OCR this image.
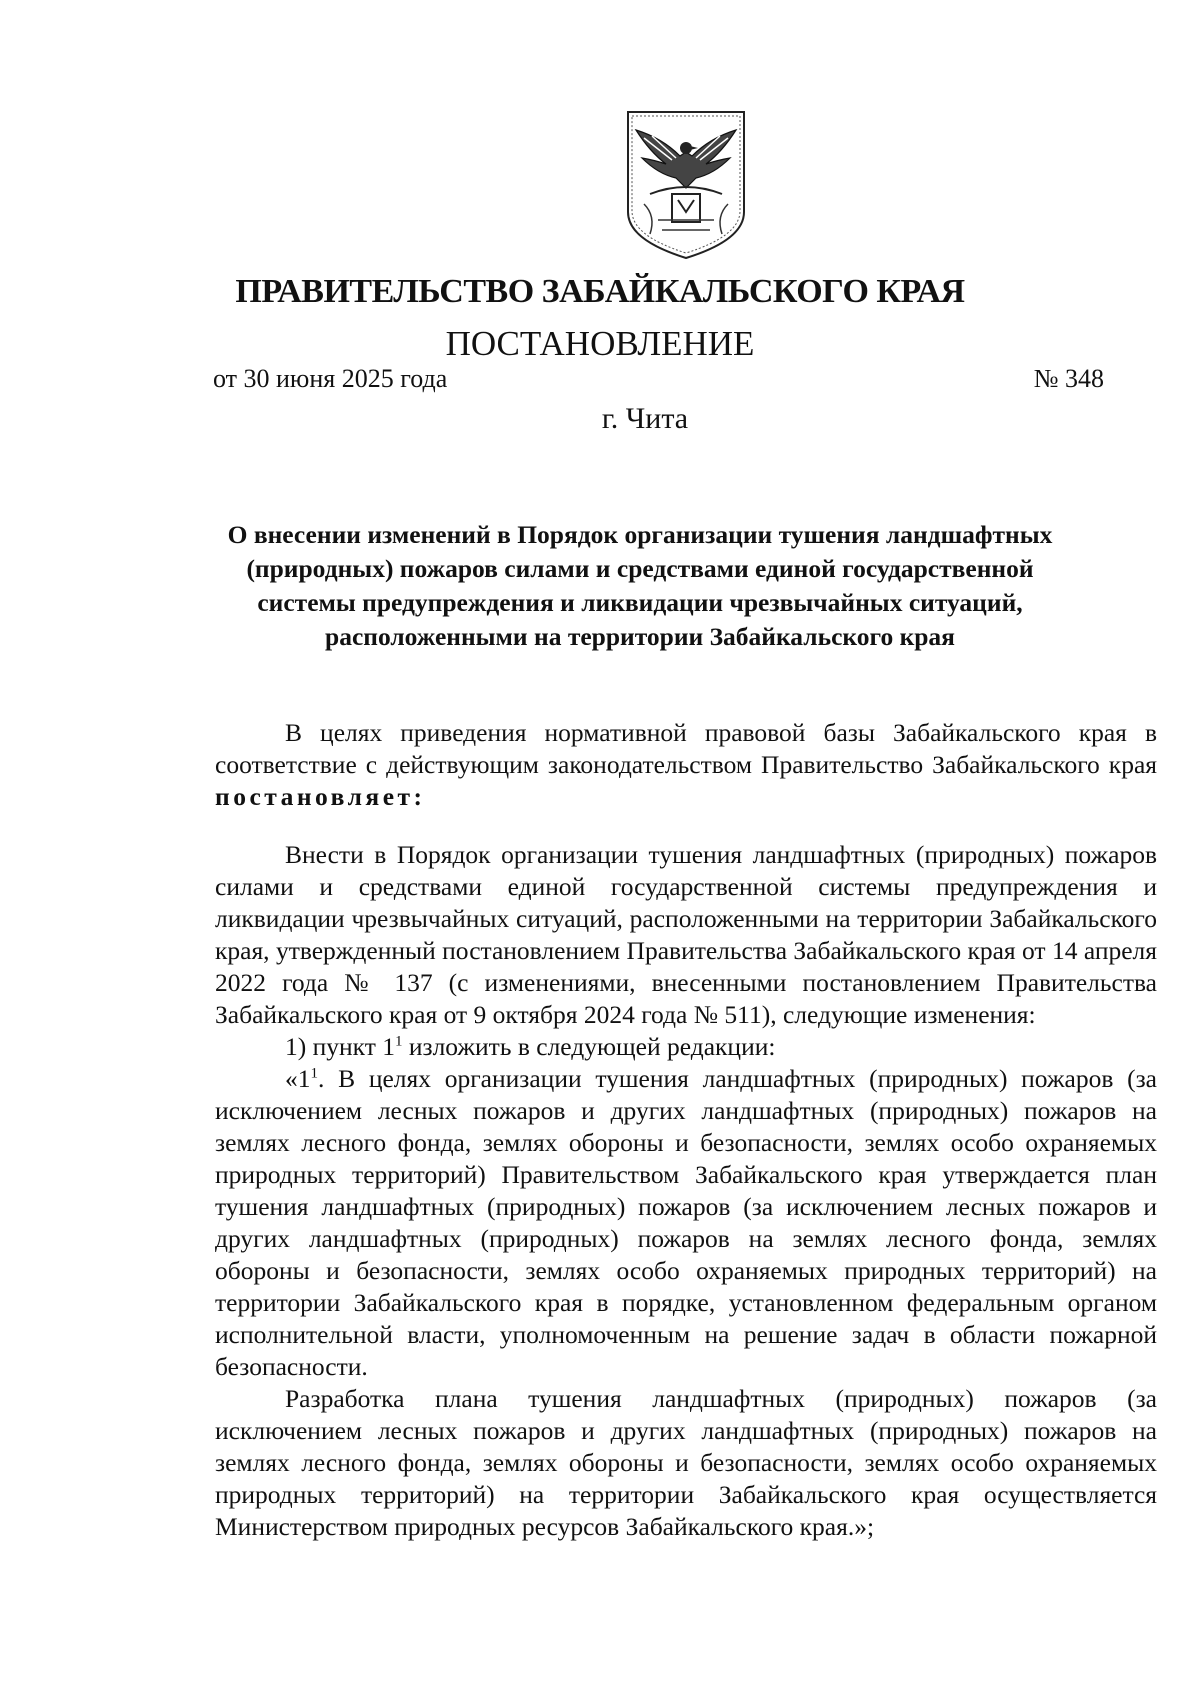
ПРАВИТЕЛЬСТВО ЗАБАЙКАЛЬСКОГО КРАЯ
ПОСТАНОВЛЕНИЕ
от 30 июня 2025 года	№ 348
г. Чита
О внесении изменений в Порядок организации тушения ландшафтных
(природных) пожаров силами и средствами единой государственной
системы предупреждения и ликвидации чрезвычайных ситуаций,
расположенными на территории Забайкальского края

В целях приведения нормативной правовой базы Забайкальского края в соответствие с действующим законодательством Правительство Забайкальского края постановляет:

Внести в Порядок организации тушения ландшафтных (природных) пожаров силами и средствами единой государственной системы предупреждения и ликвидации чрезвычайных ситуаций, расположенными на территории Забайкальского края, утвержденный постановлением Правительства Забайкальского края от 14 апреля 2022 года № 137 (с изменениями, внесенными постановлением Правительства Забайкальского края от 9 октября 2024 года № 511), следующие изменения:

1) пункт $1^1$ изложить в следующей редакции:

«$1^1$. В целях организации тушения ландшафтных (природных) пожаров (за исключением лесных пожаров и других ландшафтных (природных) пожаров на землях лесного фонда, землях обороны и безопасности, землях особо охраняемых природных территорий) Правительством Забайкальского края утверждается план тушения ландшафтных (природных) пожаров (за исключением лесных пожаров и других ландшафтных (природных) пожаров на землях лесного фонда, землях обороны и безопасности, землях особо охраняемых природных территорий) на территории Забайкальского края в порядке, установленном федеральным органом исполнительной власти, уполномоченным на решение задач в области пожарной безопасности.

Разработка плана тушения ландшафтных (природных) пожаров (за исключением лесных пожаров и других ландшафтных (природных) пожаров на землях лесного фонда, землях обороны и безопасности, землях особо охраняемых природных территорий) на территории Забайкальского края осуществляется Министерством природных ресурсов Забайкальского края.»;
